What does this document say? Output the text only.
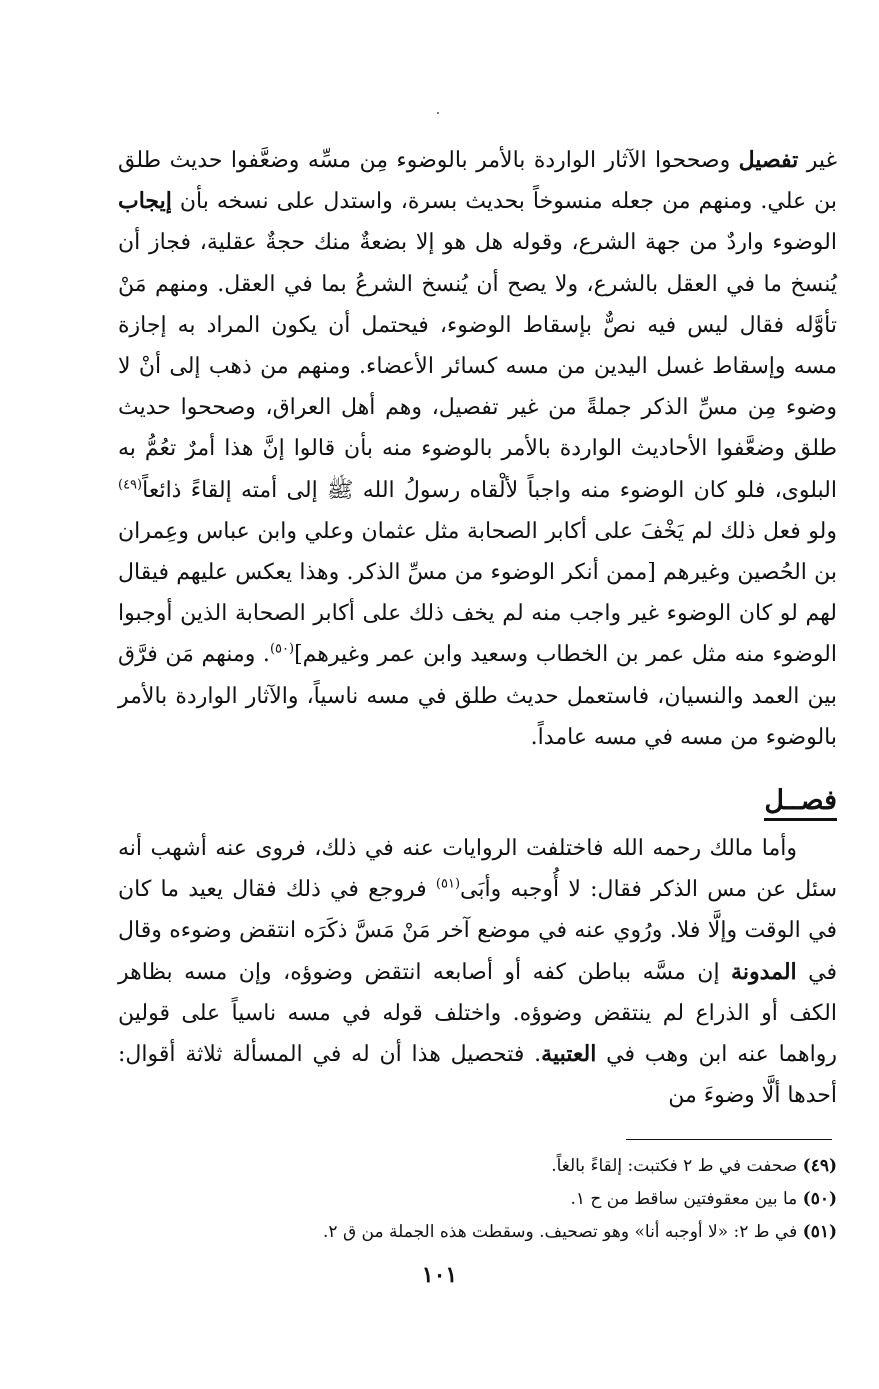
غير تفصيل وصححوا الآثار الواردة بالأمر بالوضوء مِن مسِّه وضعَّفوا حديث طلق بن علي. ومنهم من جعله منسوخاً بحديث بسرة، واستدل على نسخه بأن إيجاب الوضوء واردٌ من جهة الشرع، وقوله هل هو إلا بضعةٌ منك حجةٌ عقلية، فجاز أن يُنسخ ما في العقل بالشرع، ولا يصح أن يُنسخ الشرعُ بما في العقل. ومنهم مَنْ تأوَّله فقال ليس فيه نصٌّ بإسقاط الوضوء، فيحتمل أن يكون المراد به إجازة مسه وإسقاط غسل اليدين من مسه كسائر الأعضاء. ومنهم من ذهب إلى أنْ لا وضوء مِن مسِّ الذكر جملةً من غير تفصيل، وهم أهل العراق، وصححوا حديث طلق وضعَّفوا الأحاديث الواردة بالأمر بالوضوء منه بأن قالوا إنَّ هذا أمرٌ تعُمُّ به البلوى، فلو كان الوضوء منه واجباً لألْقاه رسولُ الله ﷺ إلى أمته إلقاءً ذائعاً$^{(٤٩)}$ ولو فعل ذلك لم يَخْفَ على أكابر الصحابة مثل عثمان وعلي وابن عباس وعِمران بن الحُصين وغيرهم [ممن أنكر الوضوء من مسِّ الذكر. وهذا يعكس عليهم فيقال لهم لو كان الوضوء غير واجب منه لم يخف ذلك على أكابر الصحابة الذين أوجبوا الوضوء منه مثل عمر بن الخطاب وسعيد وابن عمر وغيرهم]$^{(٥٠)}$. ومنهم مَن فرَّق بين العمد والنسيان، فاستعمل حديث طلق في مسه ناسياً، والآثار الواردة بالأمر بالوضوء من مسه في مسه عامداً.

فصــل

وأما مالك رحمه الله فاختلفت الروايات عنه في ذلك، فروى عنه أشهب أنه سئل عن مس الذكر فقال: لا أُوجبه وأبَى$^{(٥١)}$ فروجع في ذلك فقال يعيد ما كان في الوقت وإلَّا فلا. ورُوي عنه في موضع آخر مَنْ مَسَّ ذكَرَه انتقض وضوءه وقال في المدونة إن مسَّه بباطن كفه أو أصابعه انتقض وضوؤه، وإن مسه بظاهر الكف أو الذراع لم ينتقض وضوؤه. واختلف قوله في مسه ناسياً على قولين رواهما عنه ابن وهب في العتبية. فتحصيل هذا أن له في المسألة ثلاثة أقوال: أحدها ألَّا وضوءَ من

(٤٩) صحفت في ط ٢ فكتبت: إلقاءً بالغاً.
(٥٠) ما بين معقوفتين ساقط من ح ١.
(٥١) في ط ٢: «لا أوجبه أنا» وهو تصحيف. وسقطت هذه الجملة من ق ٢.
١٠١
